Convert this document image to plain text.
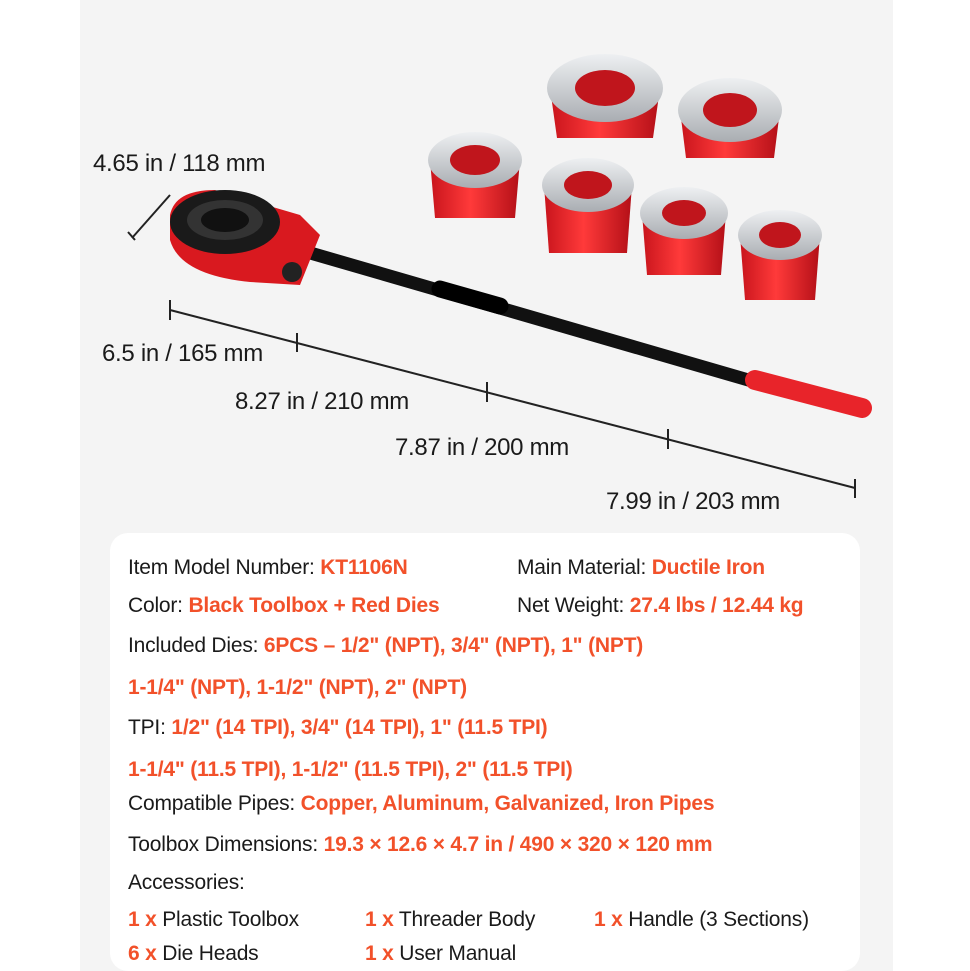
4.65 in / 118 mm
6.5 in / 165 mm
8.27 in / 210 mm
7.87 in / 200 mm
7.99 in / 203 mm
Item Model Number: KT1106N	Main Material: Ductile Iron
Color: Black Toolbox + Red Dies	Net Weight: 27.4 lbs / 12.44 kg
Included Dies: 6PCS – 1/2" (NPT), 3/4" (NPT), 1" (NPT)
1-1/4" (NPT), 1-1/2" (NPT), 2" (NPT)
TPI: 1/2" (14 TPI), 3/4" (14 TPI), 1" (11.5 TPI)
1-1/4" (11.5 TPI), 1-1/2" (11.5 TPI), 2" (11.5 TPI)
Compatible Pipes: Copper, Aluminum, Galvanized, Iron Pipes
Toolbox Dimensions: 19.3 × 12.6 × 4.7 in / 490 × 320 × 120 mm
Accessories:
1 x Plastic Toolbox	1 x Threader Body	1 x Handle (3 Sections)
6 x Die Heads	1 x User Manual
